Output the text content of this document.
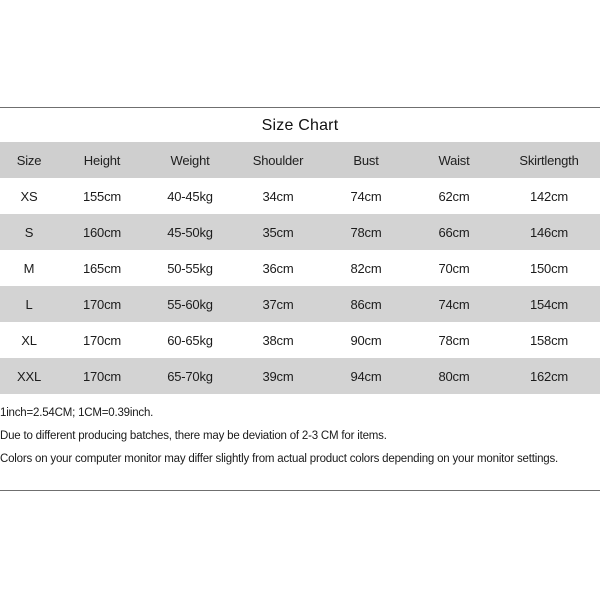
Size Chart
Size	Height	Weight	Shoulder	Bust	Waist	Skirtlength
XS	155cm	40-45kg	34cm	74cm	62cm	142cm
S	160cm	45-50kg	35cm	78cm	66cm	146cm
M	165cm	50-55kg	36cm	82cm	70cm	150cm
L	170cm	55-60kg	37cm	86cm	74cm	154cm
XL	170cm	60-65kg	38cm	90cm	78cm	158cm
XXL	170cm	65-70kg	39cm	94cm	80cm	162cm

1inch=2.54CM; 1CM=0.39inch.

Due to different producing batches, there may be deviation of 2-3 CM for items.

Colors on your computer monitor may differ slightly from actual product colors depending on your monitor settings.
